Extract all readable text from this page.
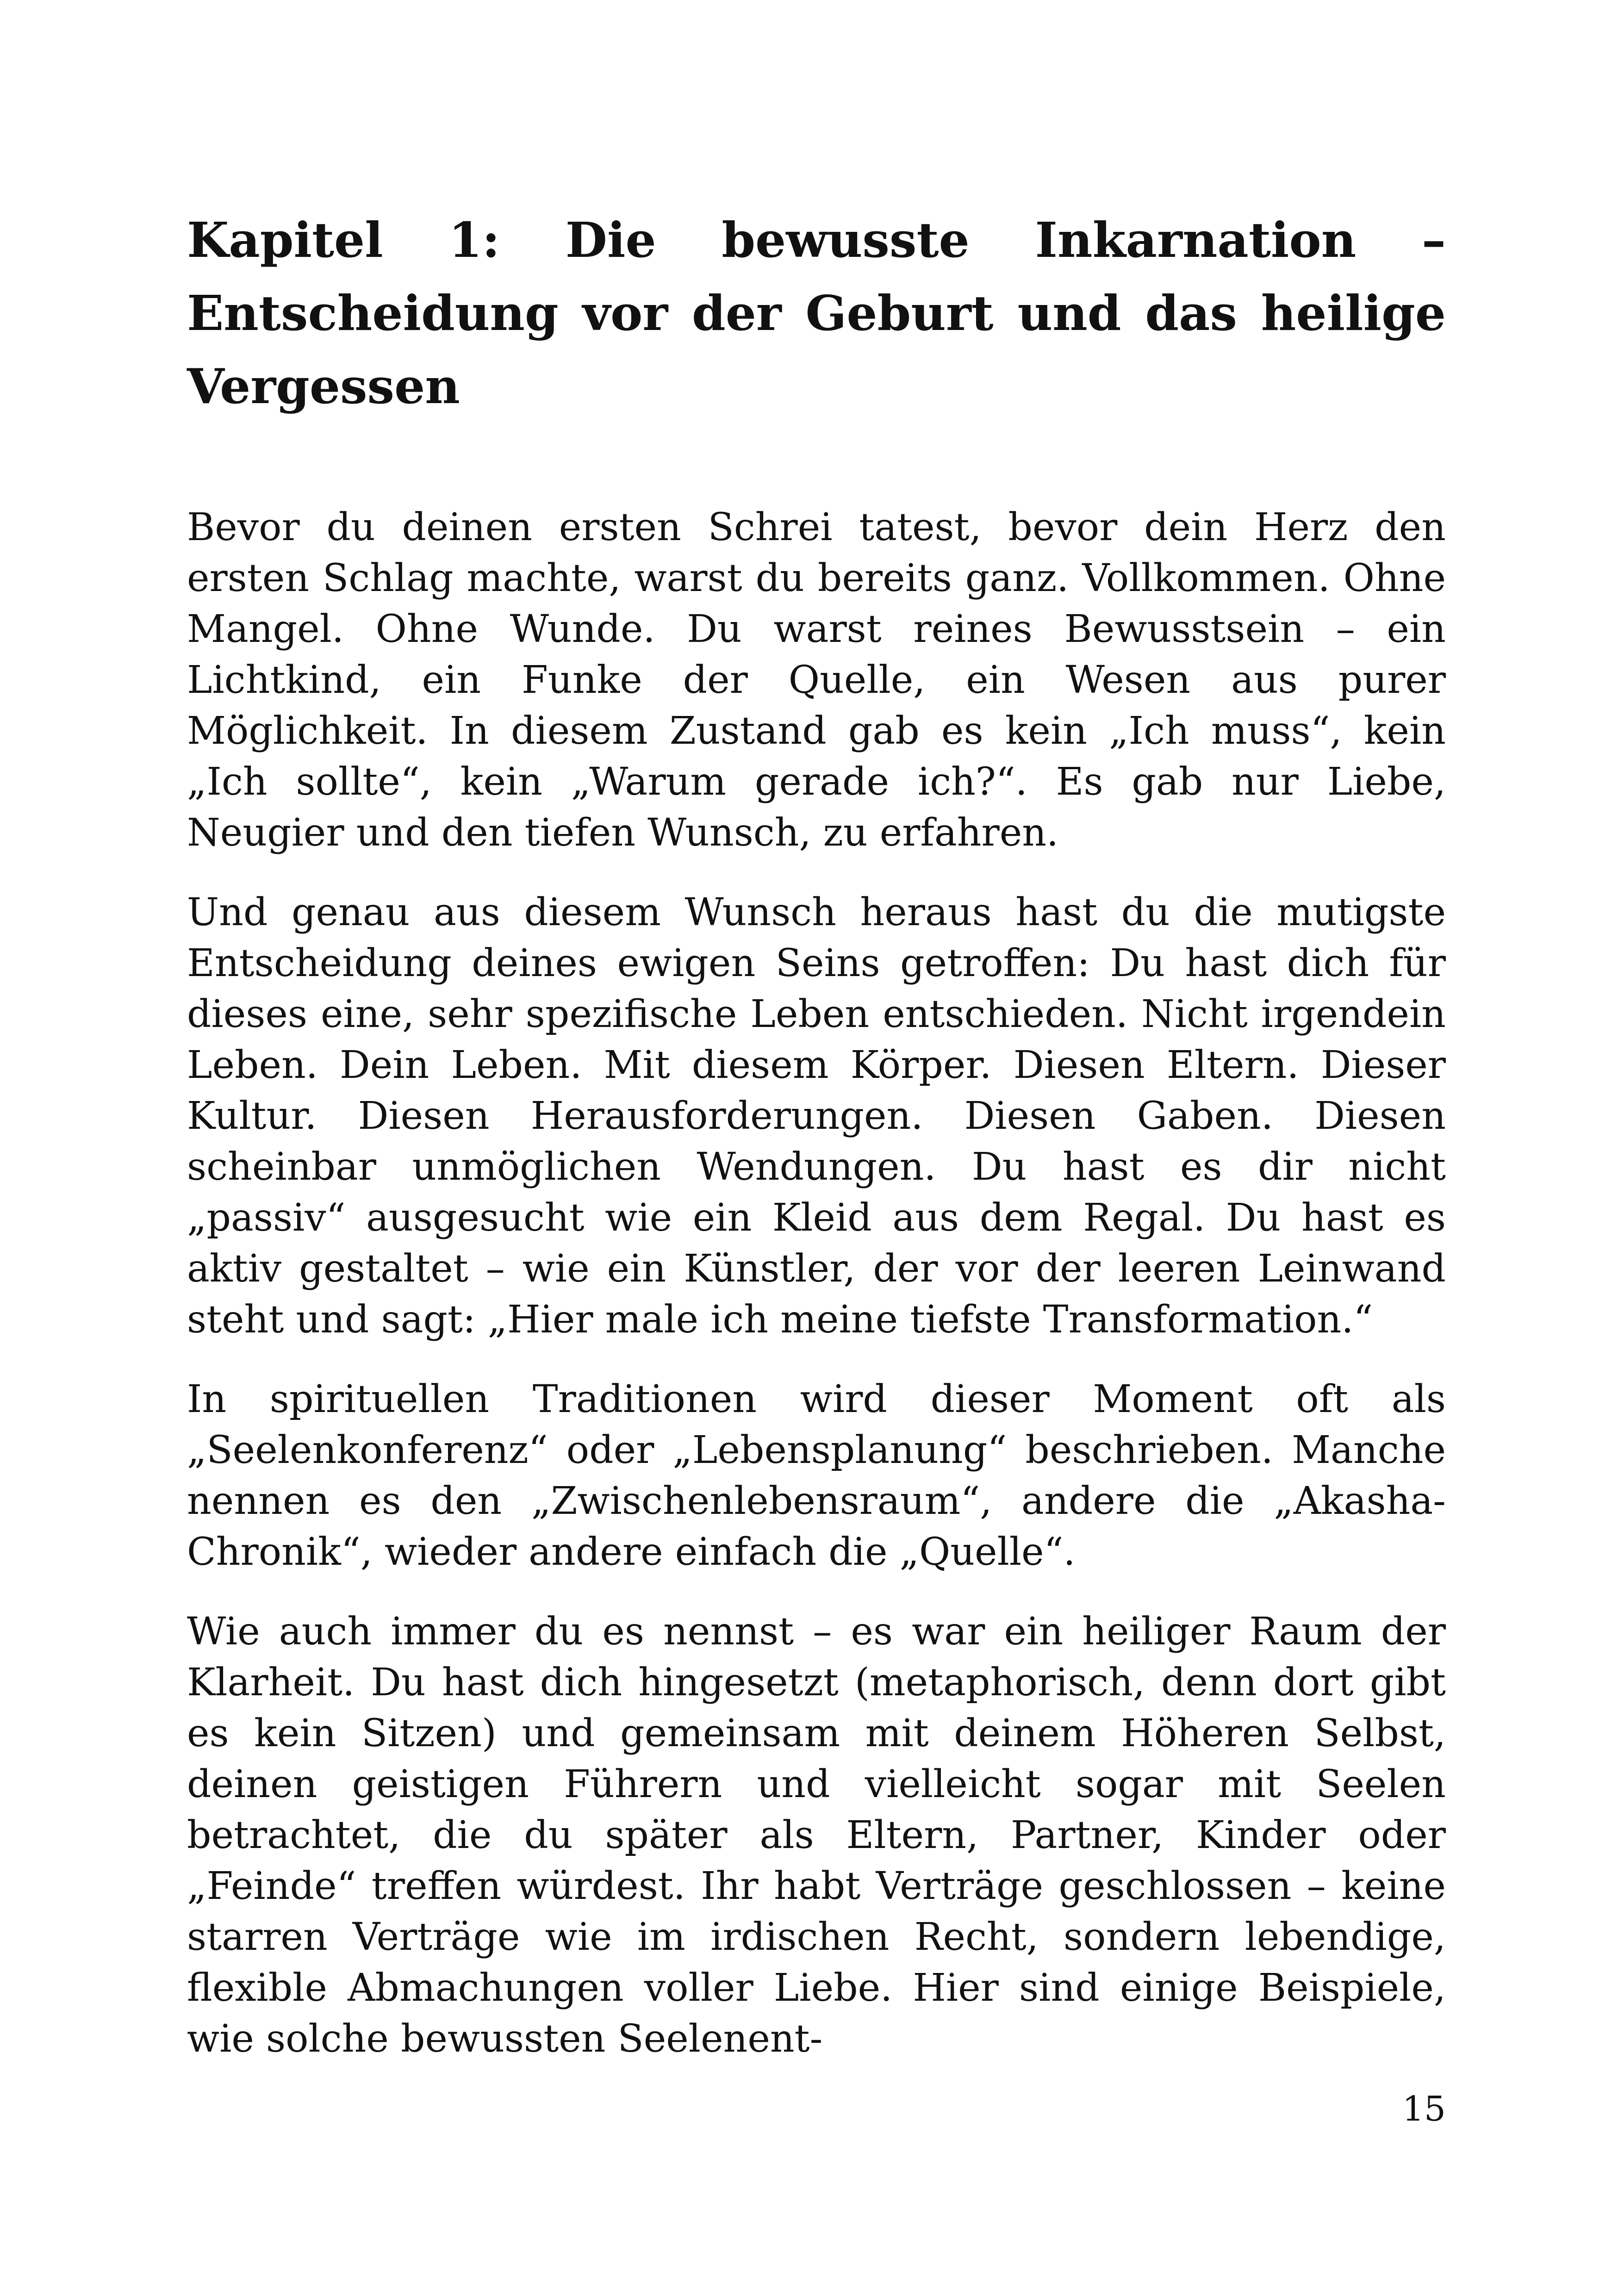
Kapitel 1: Die bewusste Inkarnation – Entscheidung vor der Geburt und das heilige Vergessen

Bevor du deinen ersten Schrei tatest, bevor dein Herz den ersten Schlag machte, warst du bereits ganz. Vollkommen. Ohne Mangel. Ohne Wunde. Du warst reines Bewusstsein – ein Lichtkind, ein Funke der Quelle, ein Wesen aus purer Möglichkeit. In diesem Zustand gab es kein „Ich muss“, kein „Ich sollte“, kein „Warum gerade ich?“. Es gab nur Liebe, Neugier und den tiefen Wunsch, zu erfahren.

Und genau aus diesem Wunsch heraus hast du die mutigste Entscheidung deines ewigen Seins getroffen: Du hast dich für dieses eine, sehr spezifische Leben entschieden. Nicht irgendein Leben. Dein Leben. Mit diesem Körper. Diesen Eltern. Dieser Kultur. Diesen Herausforderungen. Diesen Gaben. Diesen scheinbar unmöglichen Wendungen. Du hast es dir nicht „passiv“ ausgesucht wie ein Kleid aus dem Regal. Du hast es aktiv gestaltet – wie ein Künstler, der vor der leeren Leinwand steht und sagt: „Hier male ich meine tiefste Transformation.“

In spirituellen Traditionen wird dieser Moment oft als „Seelenkonferenz“ oder „Lebensplanung“ beschrieben. Manche nennen es den „Zwischenlebensraum“, andere die „Akasha-Chronik“, wieder andere einfach die „Quelle“.

Wie auch immer du es nennst – es war ein heiliger Raum der Klarheit. Du hast dich hingesetzt (metaphorisch, denn dort gibt es kein Sitzen) und gemeinsam mit deinem Höheren Selbst, deinen geistigen Führern und vielleicht sogar mit Seelen betrachtet, die du später als Eltern, Partner, Kinder oder „Feinde“ treffen würdest. Ihr habt Verträge geschlossen – keine starren Verträge wie im irdischen Recht, sondern lebendige, flexible Abmachungen voller Liebe. Hier sind einige Beispiele, wie solche bewussten Seelenent-

15
